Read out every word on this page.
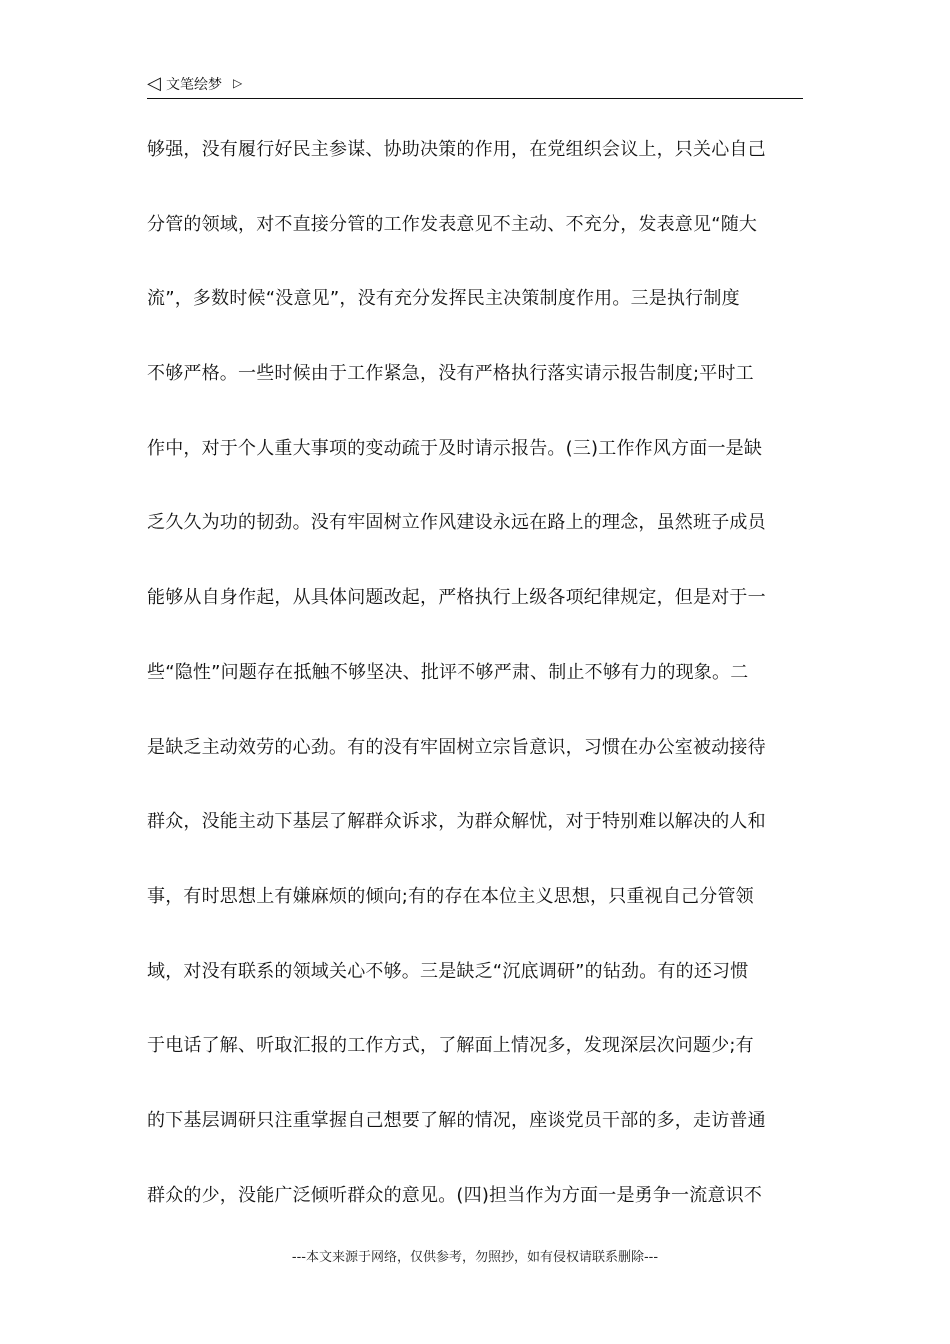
◁ 文笔绘梦 ▷
够强，没有履行好民主参谋、协助决策的作用，在党组织会议上，只关心自己
分管的领域，对不直接分管的工作发表意见不主动、不充分，发表意见“随大
流”，多数时候“没意见”，没有充分发挥民主决策制度作用。三是执行制度
不够严格。一些时候由于工作紧急，没有严格执行落实请示报告制度;平时工
作中，对于个人重大事项的变动疏于及时请示报告。(三)工作作风方面一是缺
乏久久为功的韧劲。没有牢固树立作风建设永远在路上的理念，虽然班子成员
能够从自身作起，从具体问题改起，严格执行上级各项纪律规定，但是对于一
些“隐性”问题存在抵触不够坚决、批评不够严肃、制止不够有力的现象。二
是缺乏主动效劳的心劲。有的没有牢固树立宗旨意识，习惯在办公室被动接待
群众，没能主动下基层了解群众诉求，为群众解忧，对于特别难以解决的人和
事，有时思想上有嫌麻烦的倾向;有的存在本位主义思想，只重视自己分管领
域，对没有联系的领域关心不够。三是缺乏“沉底调研”的钻劲。有的还习惯
于电话了解、听取汇报的工作方式，了解面上情况多，发现深层次问题少;有
的下基层调研只注重掌握自己想要了解的情况，座谈党员干部的多，走访普通
群众的少，没能广泛倾听群众的意见。(四)担当作为方面一是勇争一流意识不
---本文来源于网络，仅供参考，勿照抄，如有侵权请联系删除---
